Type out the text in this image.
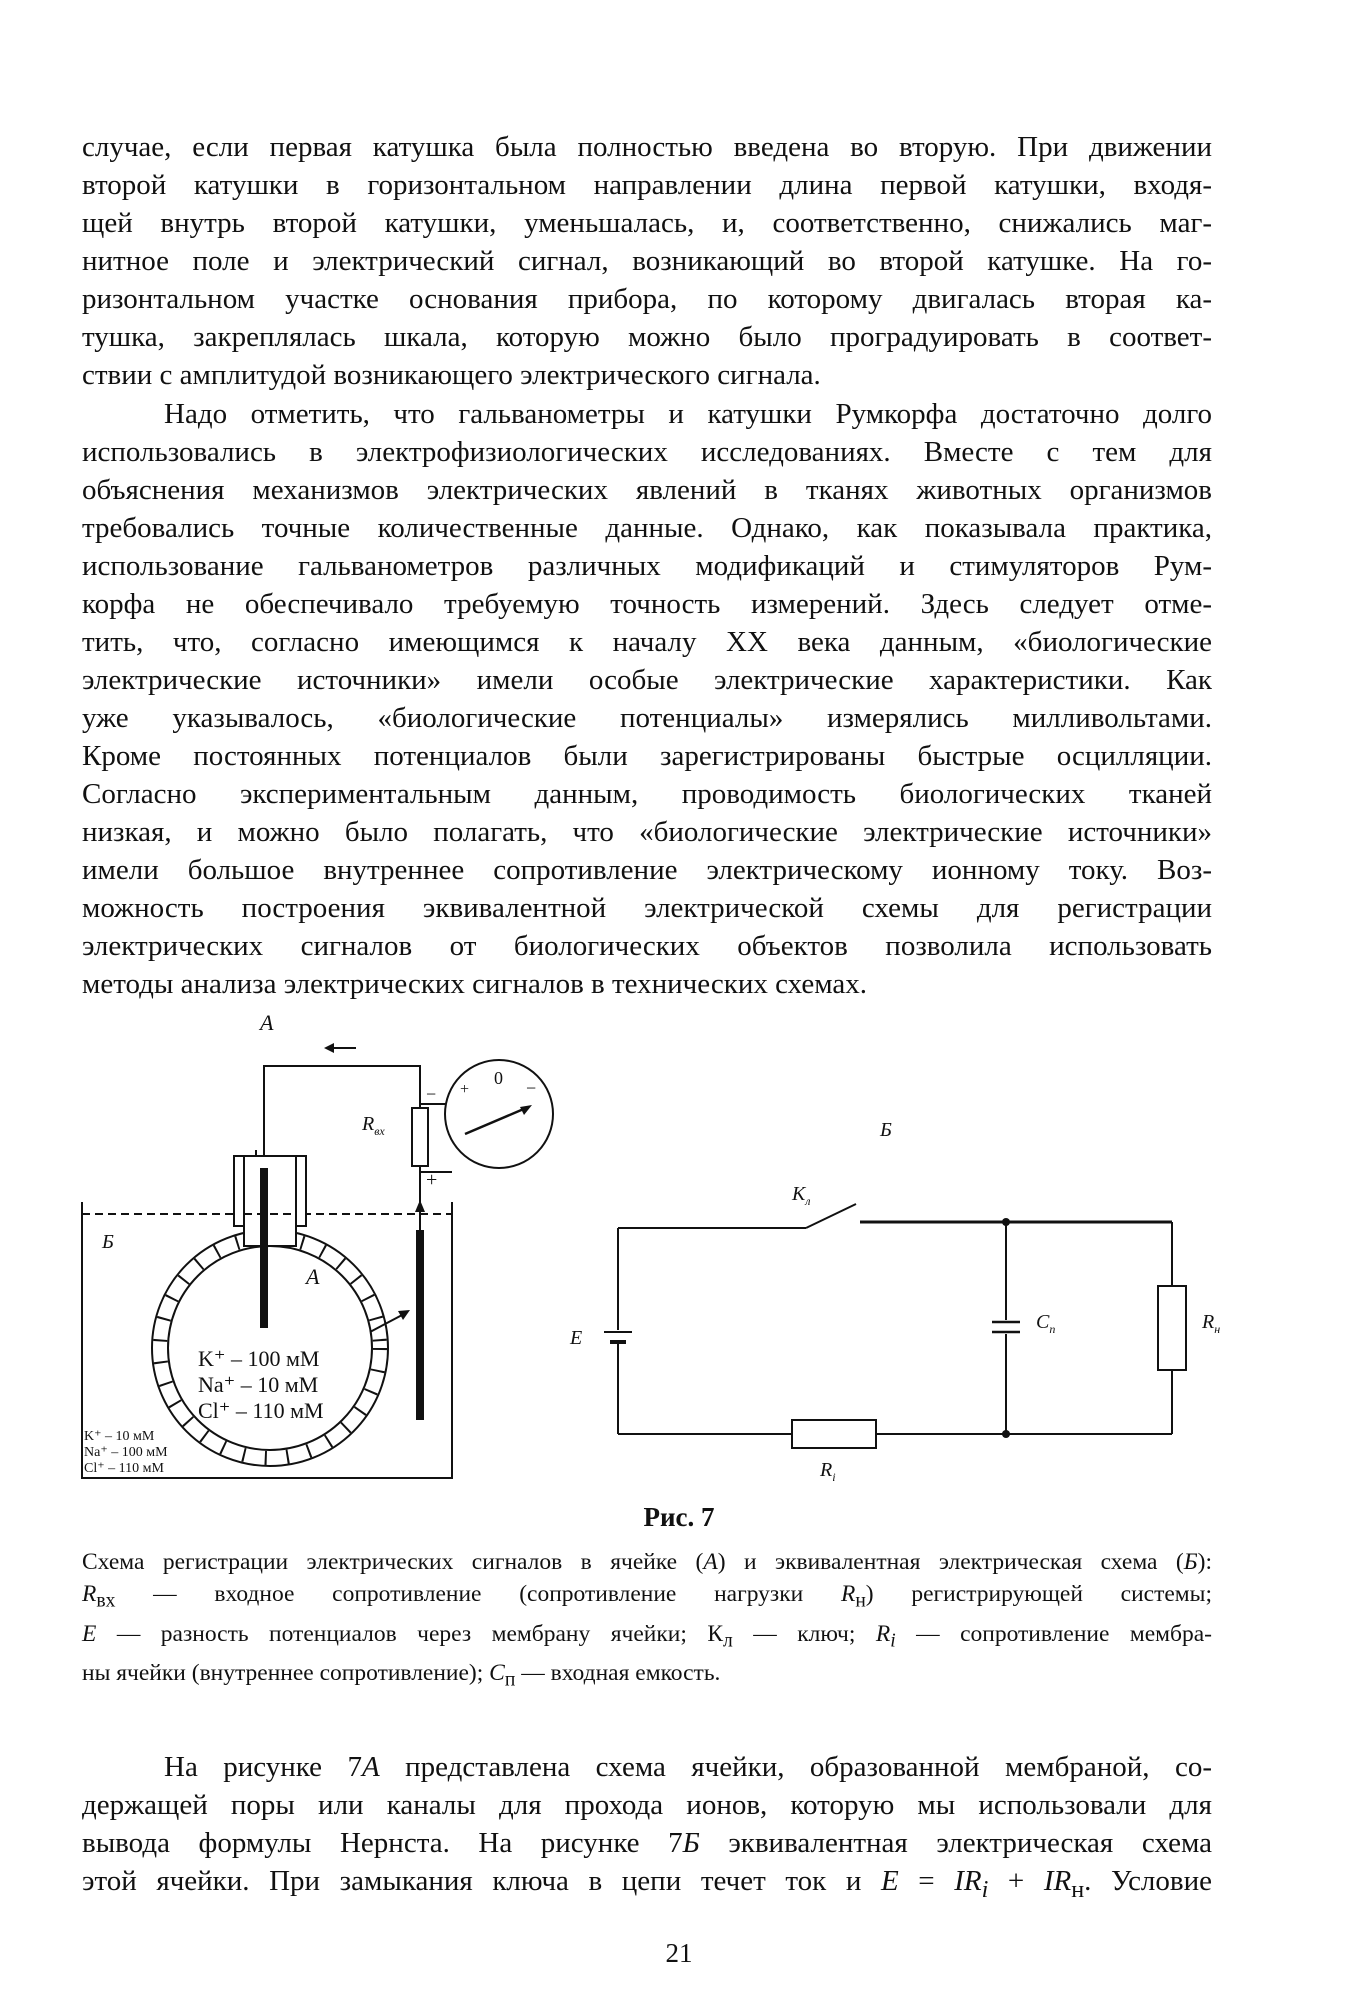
случае, если первая катушка была полностью введена во вторую. При движении
второй катушки в горизонтальном направлении длина первой катушки, входя-
щей внутрь второй катушки, уменьшалась, и, соответственно, снижались маг-
нитное поле и электрический сигнал, возникающий во второй катушке. На го-
ризонтальном участке основания прибора, по которому двигалась вторая ка-
тушка, закреплялась шкала, которую можно было проградуировать в соответ-
ствии с амплитудой возникающего электрического сигнала.
Надо отметить, что гальванометры и катушки Румкорфа достаточно долго
использовались в электрофизиологических исследованиях. Вместе с тем для
объяснения механизмов электрических явлений в тканях животных организмов
требовались точные количественные данные. Однако, как показывала практика,
использование гальванометров различных модификаций и стимуляторов Рум-
корфа не обеспечивало требуемую точность измерений. Здесь следует отме-
тить, что, согласно имеющимся к началу XX века данным, «биологические
электрические источники» имели особые электрические характеристики. Как
уже указывалось, «биологические потенциалы» измерялись милливольтами.
Кроме постоянных потенциалов были зарегистрированы быстрые осцилляции.
Согласно экспериментальным данным, проводимость биологических тканей
низкая, и можно было полагать, что «биологические электрические источники»
имели большое внутреннее сопротивление электрическому ионному току. Воз-
можность построения эквивалентной электрической схемы для регистрации
электрических сигналов от биологических объектов позволила использовать
методы анализа электрических сигналов в технических схемах.
А
$R_{вх}$
−
+
0
+	−
Б
А
K⁺ – 100 мМ
Na⁺ – 10 мМ
Cl⁺ – 110 мМ
K⁺ – 10 мМ
Na⁺ – 100 мМ
Cl⁺ – 110 мМ
Б
$К_л$
E
$R_i$
$C_п$	$R_н$
Рис. 7
Схема регистрации электрических сигналов в ячейке (А) и эквивалентная электрическая схема (Б):
$R_{вх}$ — входное сопротивление (сопротивление нагрузки $R_н$) регистрирующей системы;
E — разность потенциалов через мембрану ячейки; $К_л$ — ключ; $R_i$ — сопротивление мембра-
ны ячейки (внутреннее сопротивление); $C_п$ — входная емкость.
На рисунке 7А представлена схема ячейки, образованной мембраной, со-
держащей поры или каналы для прохода ионов, которую мы использовали для
вывода формулы Нернста. На рисунке 7Б эквивалентная электрическая схема
этой ячейки. При замыкания ключа в цепи течет ток и $E = IR_i + IR_н$. Условие
21
